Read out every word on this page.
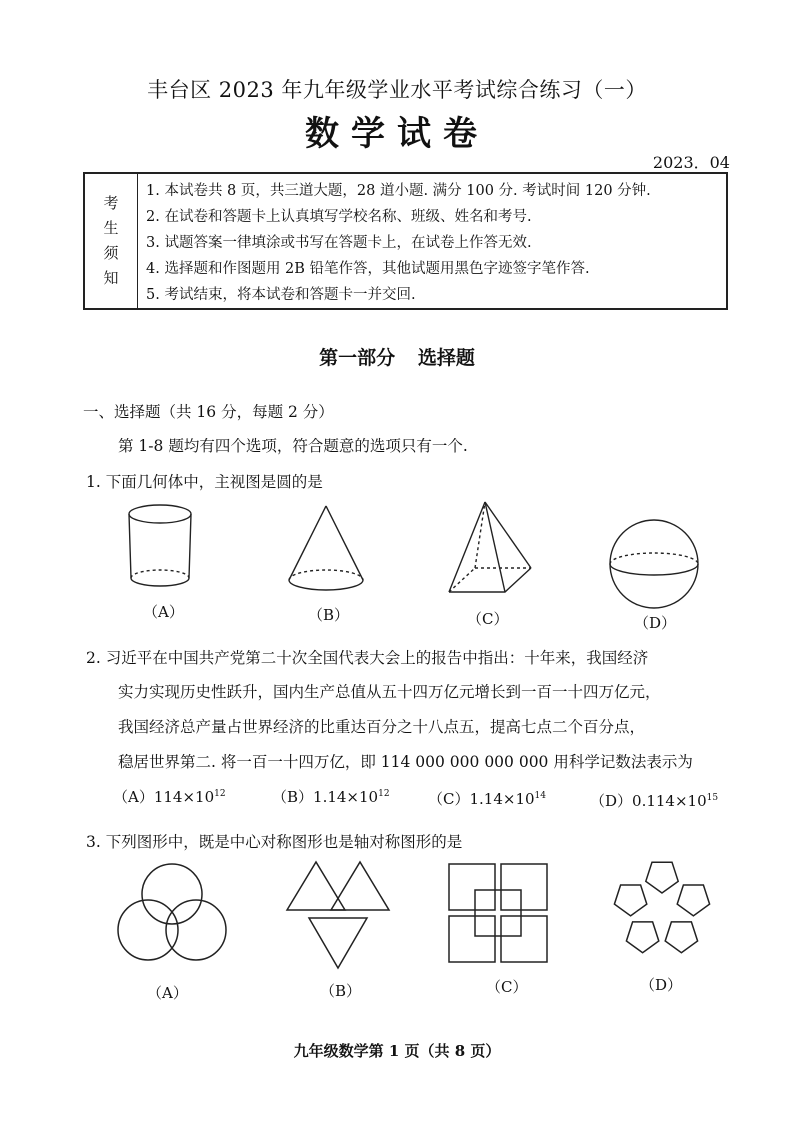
丰台区 2023 年九年级学业水平考试综合练习（一）
数学试卷
2023．04
考
生
须
知
1. 本试卷共 8 页，共三道大题，28 道小题. 满分 100 分. 考试时间 120 分钟.
2. 在试卷和答题卡上认真填写学校名称、班级、姓名和考号.
3. 试题答案一律填涂或书写在答题卡上，在试卷上作答无效.
4. 选择题和作图题用 2B 铅笔作答，其他试题用黑色字迹签字笔作答.
5. 考试结束，将本试卷和答题卡一并交回.
第一部分 选择题
一、选择题（共 16 分，每题 2 分）
第 1-8 题均有四个选项，符合题意的选项只有一个.
1. 下面几何体中，主视图是圆的是
（A）	（B）	（C）	（D）
2. 习近平在中国共产党第二十次全国代表大会上的报告中指出：十年来，我国经济
实力实现历史性跃升，国内生产总值从五十四万亿元增长到一百一十四万亿元，
我国经济总产量占世界经济的比重达百分之十八点五，提高七点二个百分点，
稳居世界第二. 将一百一十四万亿，即 114 000 000 000 000 用科学记数法表示为
$(A)114\times 10^{12}$	$(B)1.14\times 10^{12}$	$(C)1.14\times 10^{14}$	$(D)0.114\times 10^{15}$
3. 下列图形中，既是中心对称图形也是轴对称图形的是
（A）	（B）	（C）	（D）
九年级数学第 1 页（共 8 页）
